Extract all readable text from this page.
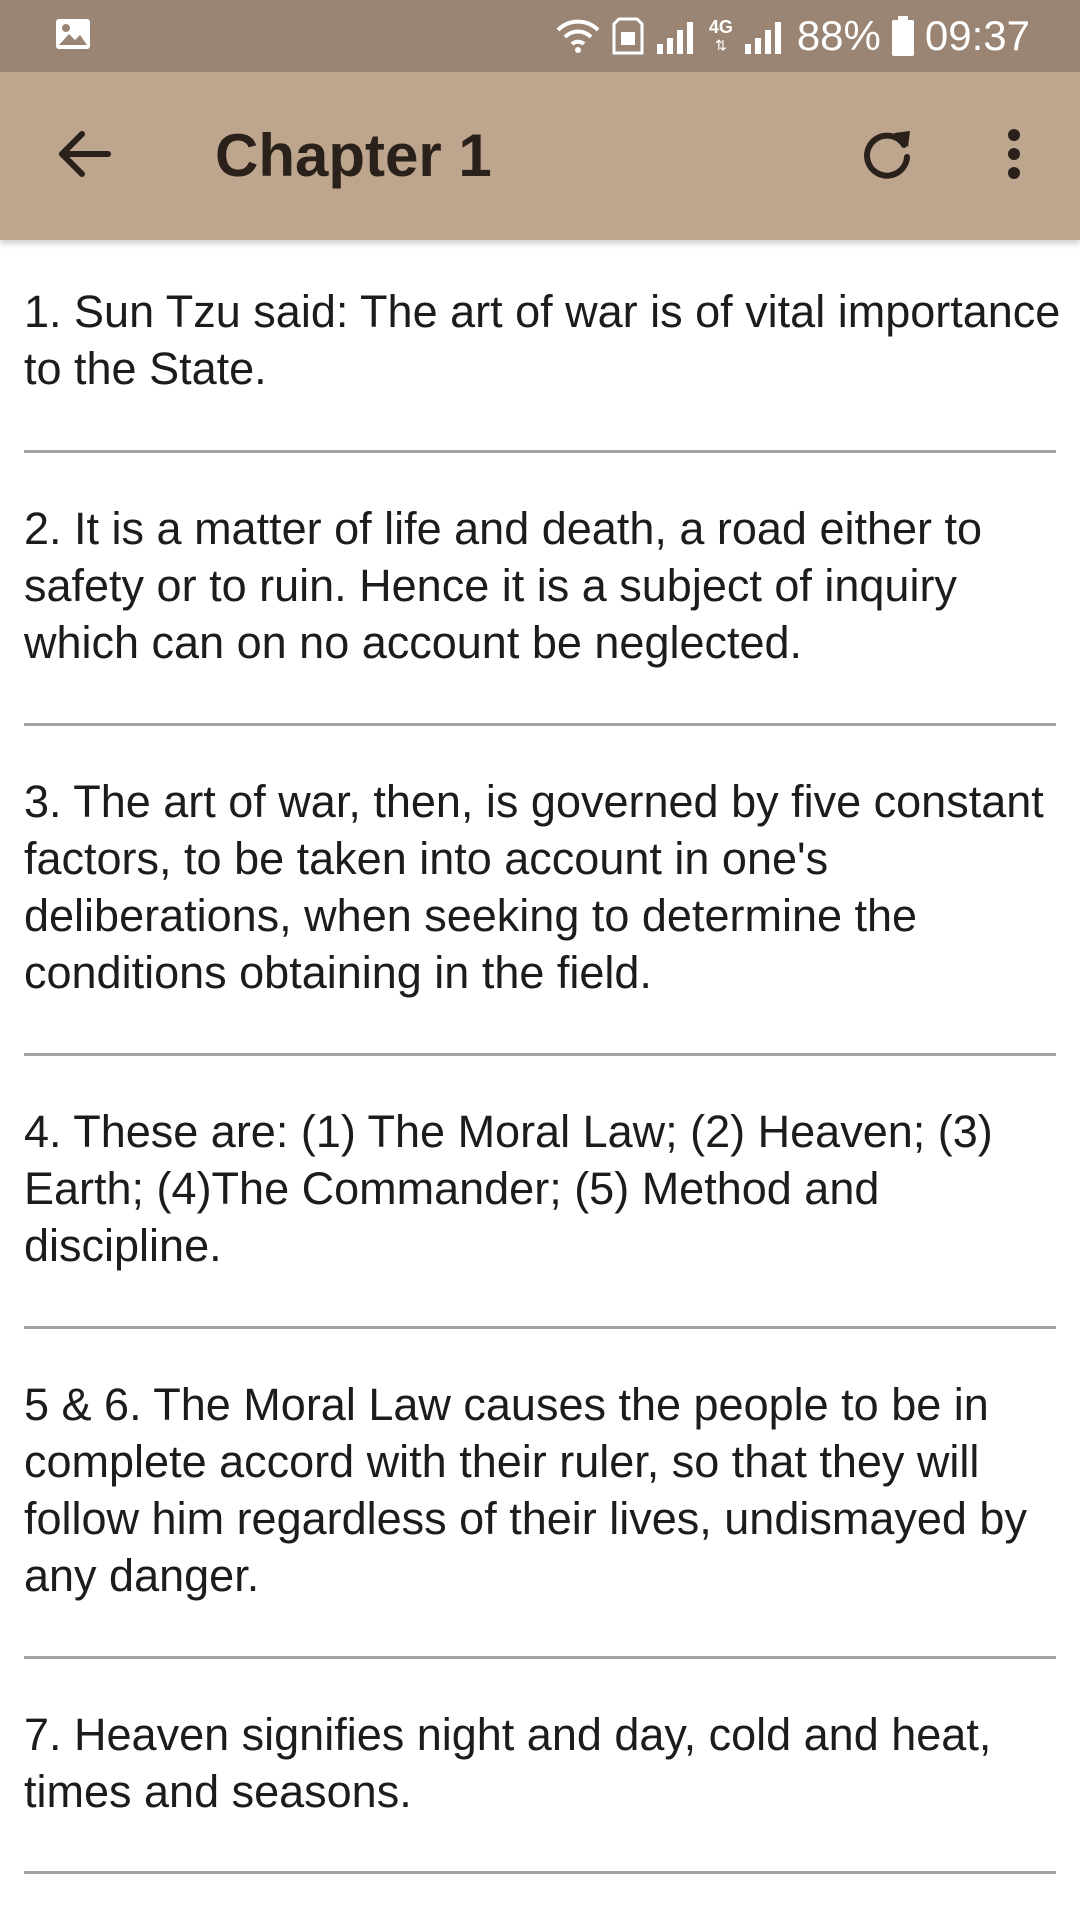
4G
⇅ 88% 09:37
Chapter 1

1. Sun Tzu said: The art of war is of vital importance to the State.

2. It is a matter of life and death, a road either to safety or to ruin. Hence it is a subject of inquiry which can on no account be neglected.

3. The art of war, then, is governed by five constant factors, to be taken into account in one's deliberations, when seeking to determine the conditions obtaining in the field.

4. These are: (1) The Moral Law; (2) Heaven; (3) Earth; (4)The Commander; (5) Method and discipline.

5 & 6. The Moral Law causes the people to be in complete accord with their ruler, so that they will follow him regardless of their lives, undismayed by any danger.

7. Heaven signifies night and day, cold and heat, times and seasons.
